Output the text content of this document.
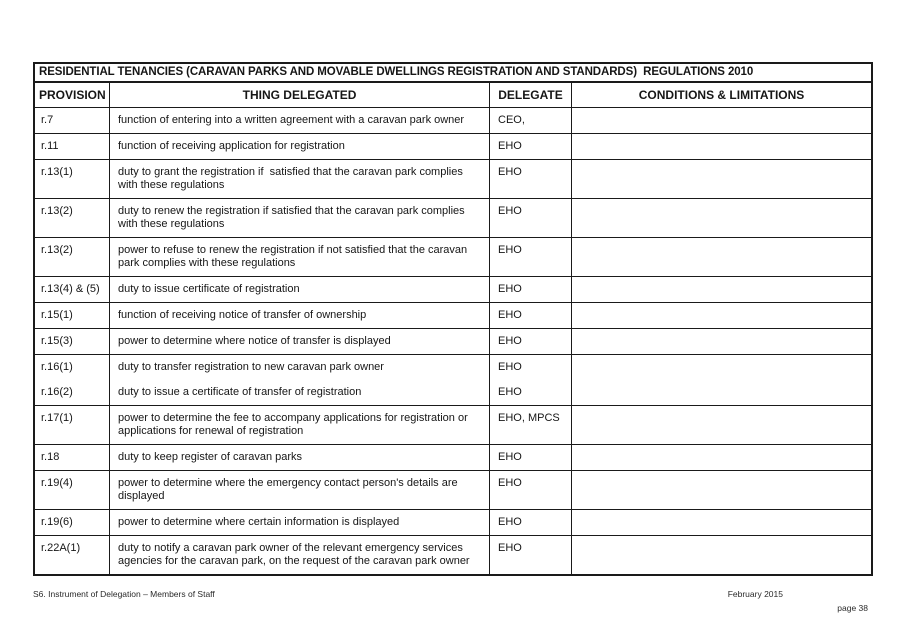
RESIDENTIAL TENANCIES (CARAVAN PARKS AND MOVABLE DWELLINGS REGISTRATION AND STANDARDS)  REGULATIONS 2010			
PROVISION	THING DELEGATED	DELEGATE	CONDITIONS & LIMITATIONS
r.7	function of entering into a written agreement with a caravan park owner	CEO,	
r.11	function of receiving application for registration	EHO	
r.13(1)	duty to grant the registration if  satisfied that the caravan park complies with these regulations	EHO	
r.13(2)	duty to renew the registration if satisfied that the caravan park complies with these regulations	EHO	
r.13(2)	power to refuse to renew the registration if not satisfied that the caravan park complies with these regulations	EHO	
r.13(4) & (5)	duty to issue certificate of registration	EHO	
r.15(1)	function of receiving notice of transfer of ownership	EHO	
r.15(3)	power to determine where notice of transfer is displayed	EHO	
r.16(1)	duty to transfer registration to new caravan park owner	EHO	
r.16(2)	duty to issue a certificate of transfer of registration	EHO	
r.17(1)	power to determine the fee to accompany applications for registration or applications for renewal of registration	EHO, MPCS	
r.18	duty to keep register of caravan parks	EHO	
r.19(4)	power to determine where the emergency contact person's details are displayed	EHO	
r.19(6)	power to determine where certain information is displayed	EHO	
r.22A(1)	duty to notify a caravan park owner of the relevant emergency services agencies for the caravan park, on the request of the caravan park owner	EHO	
S6. Instrument of Delegation – Members of Staff	February 2015
page 38
